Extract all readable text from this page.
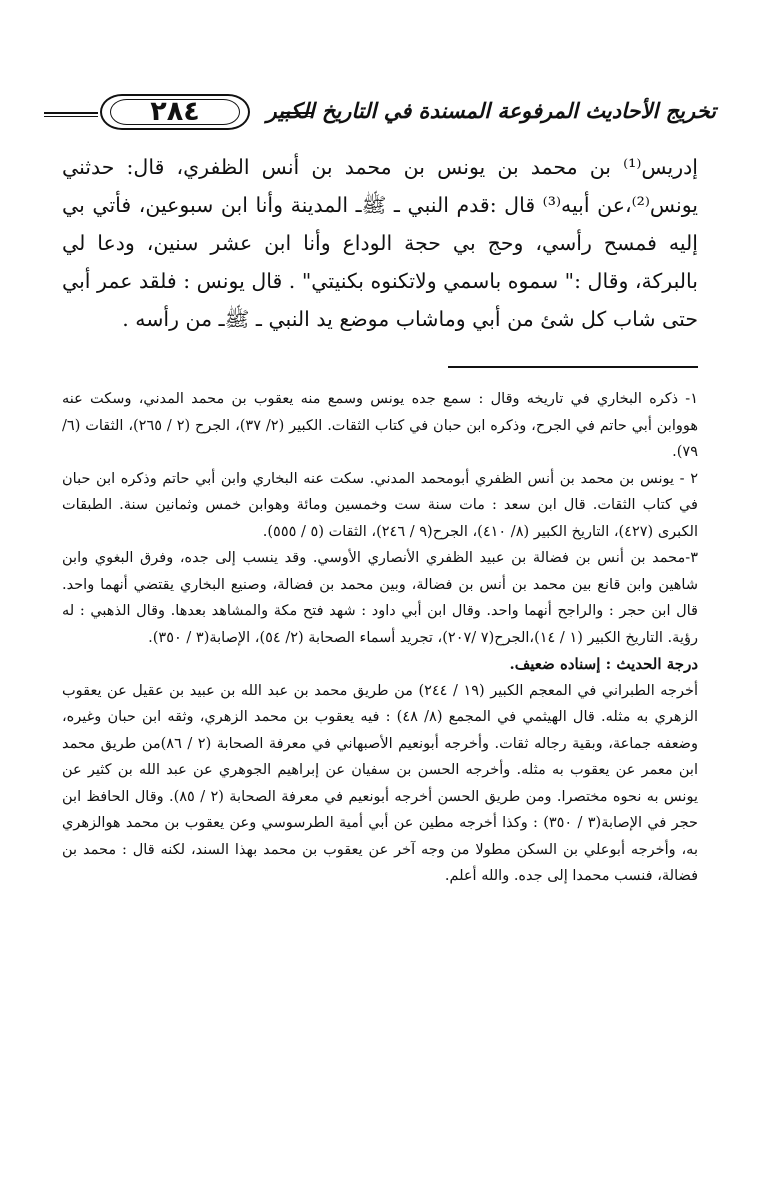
تخريج الأحاديث المرفوعة المسندة في التاريخ الكبير
٢٨٤

إدريس⁽¹⁾ بن محمد بن يونس بن محمد بن أنس الظفري، قال: حدثني يونس⁽²⁾،عن أبيه⁽³⁾ قال :قدم النبي ـ ﷺـ المدينة وأنا ابن سبوعين، فأتي بي إليه فمسح رأسي، وحج بي حجة الوداع وأنا ابن عشر سنين، ودعا لي بالبركة، وقال :" سموه باسمي ولاتكنوه بكنيتي" . قال يونس : فلقد عمر أبي حتى شاب كل شئ من أبي وماشاب موضع يد النبي ـ ﷺـ من رأسه .

١- ذكره البخاري في تاريخه وقال : سمع جده يونس وسمع منه يعقوب بن محمد المدني، وسكت عنه هووابن أبي حاتم في الجرح، وذكره ابن حبان في كتاب الثقات. الكبير (٢/ ٣٧)، الجرح (٢ / ٢٦٥)، الثقات (٦/ ٧٩).

٢ - يونس بن محمد بن أنس الظفري أبومحمد المدني. سكت عنه البخاري وابن أبي حاتم وذكره ابن حبان في كتاب الثقات. قال ابن سعد : مات سنة ست وخمسين ومائة وهوابن خمس وثمانين سنة. الطبقات الكبرى (٤٢٧)، التاريخ الكبير (٨/ ٤١٠)، الجرح(٩ / ٢٤٦)، الثقات (٥ / ٥٥٥).

٣-محمد بن أنس بن فضالة بن عبيد الظفري الأنصاري الأوسي. وقد ينسب إلى جده، وفرق البغوي وابن شاهين وابن قانع بين محمد بن أنس بن فضالة، وبين محمد بن فضالة، وصنيع البخاري يقتضي أنهما واحد. قال ابن حجر : والراجح أنهما واحد. وقال ابن أبي داود : شهد فتح مكة والمشاهد بعدها. وقال الذهبي : له رؤية. التاريخ الكبير (١ / ١٤)،الجرح(٧ /٢٠٧)، تجريد أسماء الصحابة (٢/ ٥٤)، الإصابة(٣ / ٣٥٠).

درجة الحديث : إسناده ضعيف.

أخرجه الطبراني في المعجم الكبير (١٩ / ٢٤٤) من طريق محمد بن عبد الله بن عبيد بن عقيل عن يعقوب الزهري به مثله. قال الهيثمي في المجمع (٨/ ٤٨) : فيه يعقوب بن محمد الزهري، وثقه ابن حبان وغيره، وضعفه جماعة، وبقية رجاله ثقات. وأخرجه أبونعيم الأصبهاني في معرفة الصحابة (٢ / ٨٦)من طريق محمد ابن معمر عن يعقوب به مثله. وأخرجه الحسن بن سفيان عن إبراهيم الجوهري عن عبد الله بن كثير عن يونس به نحوه مختصرا. ومن طريق الحسن أخرجه أبونعيم في معرفة الصحابة (٢ / ٨٥). وقال الحافظ ابن حجر في الإصابة(٣ / ٣٥٠) : وكذا أخرجه مطين عن أبي أمية الطرسوسي وعن يعقوب بن محمد هوالزهري به، وأخرجه أبوعلي بن السكن مطولا من وجه آخر عن يعقوب بن محمد بهذا السند، لكنه قال : محمد بن فضالة، فنسب محمدا إلى جده. والله أعلم.
